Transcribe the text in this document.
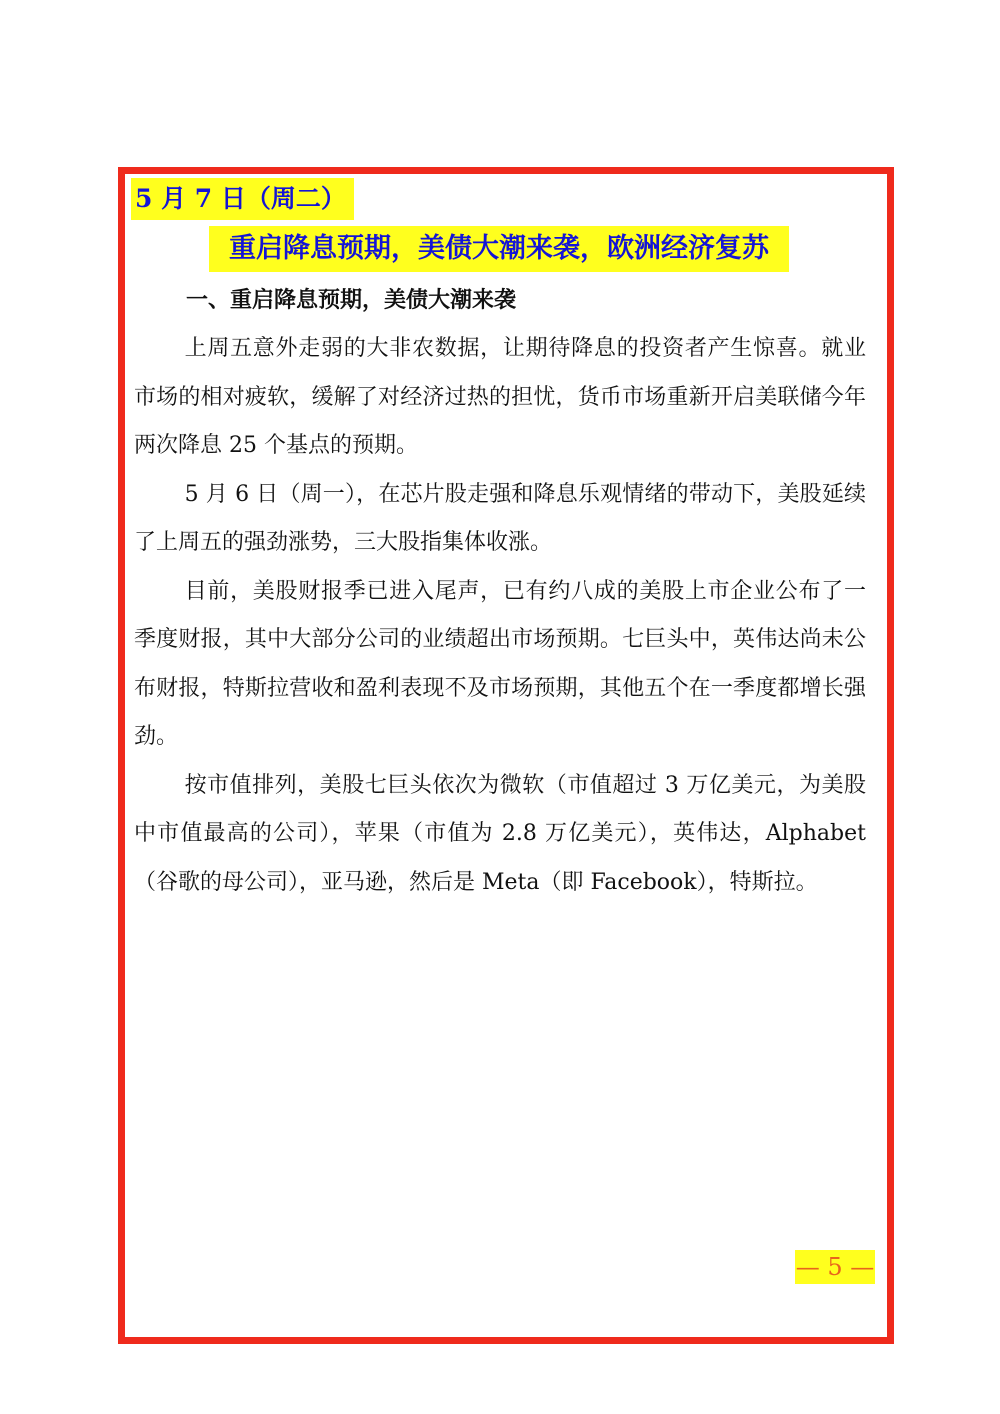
5 月 7 日（周二）
重启降息预期，美债大潮来袭，欧洲经济复苏
一、重启降息预期，美债大潮来袭

上周五意外走弱的大非农数据，让期待降息的投资者产生惊喜。就业市场的相对疲软，缓解了对经济过热的担忧，货币市场重新开启美联储今年两次降息 25 个基点的预期。

5 月 6 日（周一），在芯片股走强和降息乐观情绪的带动下，美股延续了上周五的强劲涨势，三大股指集体收涨。

目前，美股财报季已进入尾声，已有约八成的美股上市企业公布了一季度财报，其中大部分公司的业绩超出市场预期。七巨头中，英伟达尚未公布财报，特斯拉营收和盈利表现不及市场预期，其他五个在一季度都增长强劲。

按市值排列，美股七巨头依次为微软（市值超过 3 万亿美元，为美股中市值最高的公司），苹果（市值为 2.8 万亿美元），英伟达，Alphabet（谷歌的母公司），亚马逊，然后是 Meta（即 Facebook），特斯拉。

— 5 —
